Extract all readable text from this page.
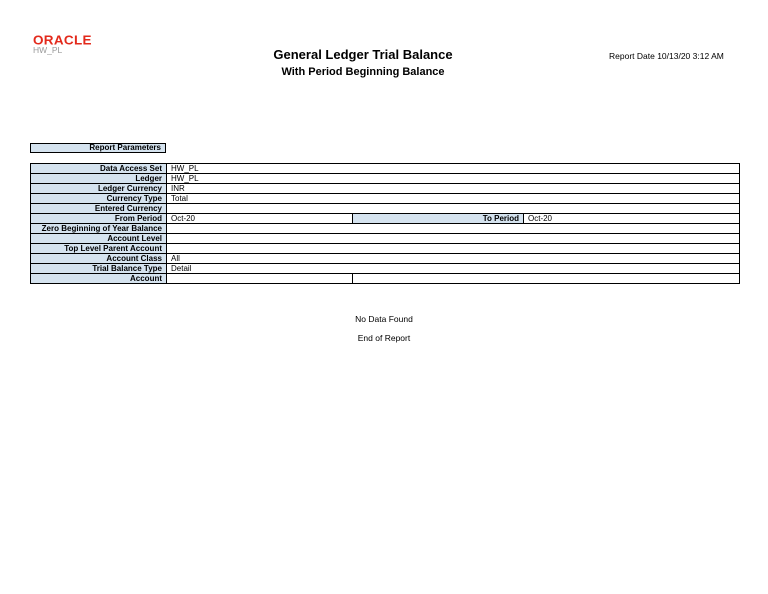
ORACLE
HW_PL	General Ledger Trial Balance
With Period Beginning Balance
Report Date 10/13/20 3:12 AM
Report Parameters
Data Access Set	HW_PL		
Ledger	HW_PL		
Ledger Currency	INR		
Currency Type	Total		
Entered Currency			
From Period	Oct-20	To Period	Oct-20
Zero Beginning of Year Balance			
Account Level			
Top Level Parent Account			
Account Class	All		
Trial Balance Type	Detail		
Account			
No Data Found
End of Report
